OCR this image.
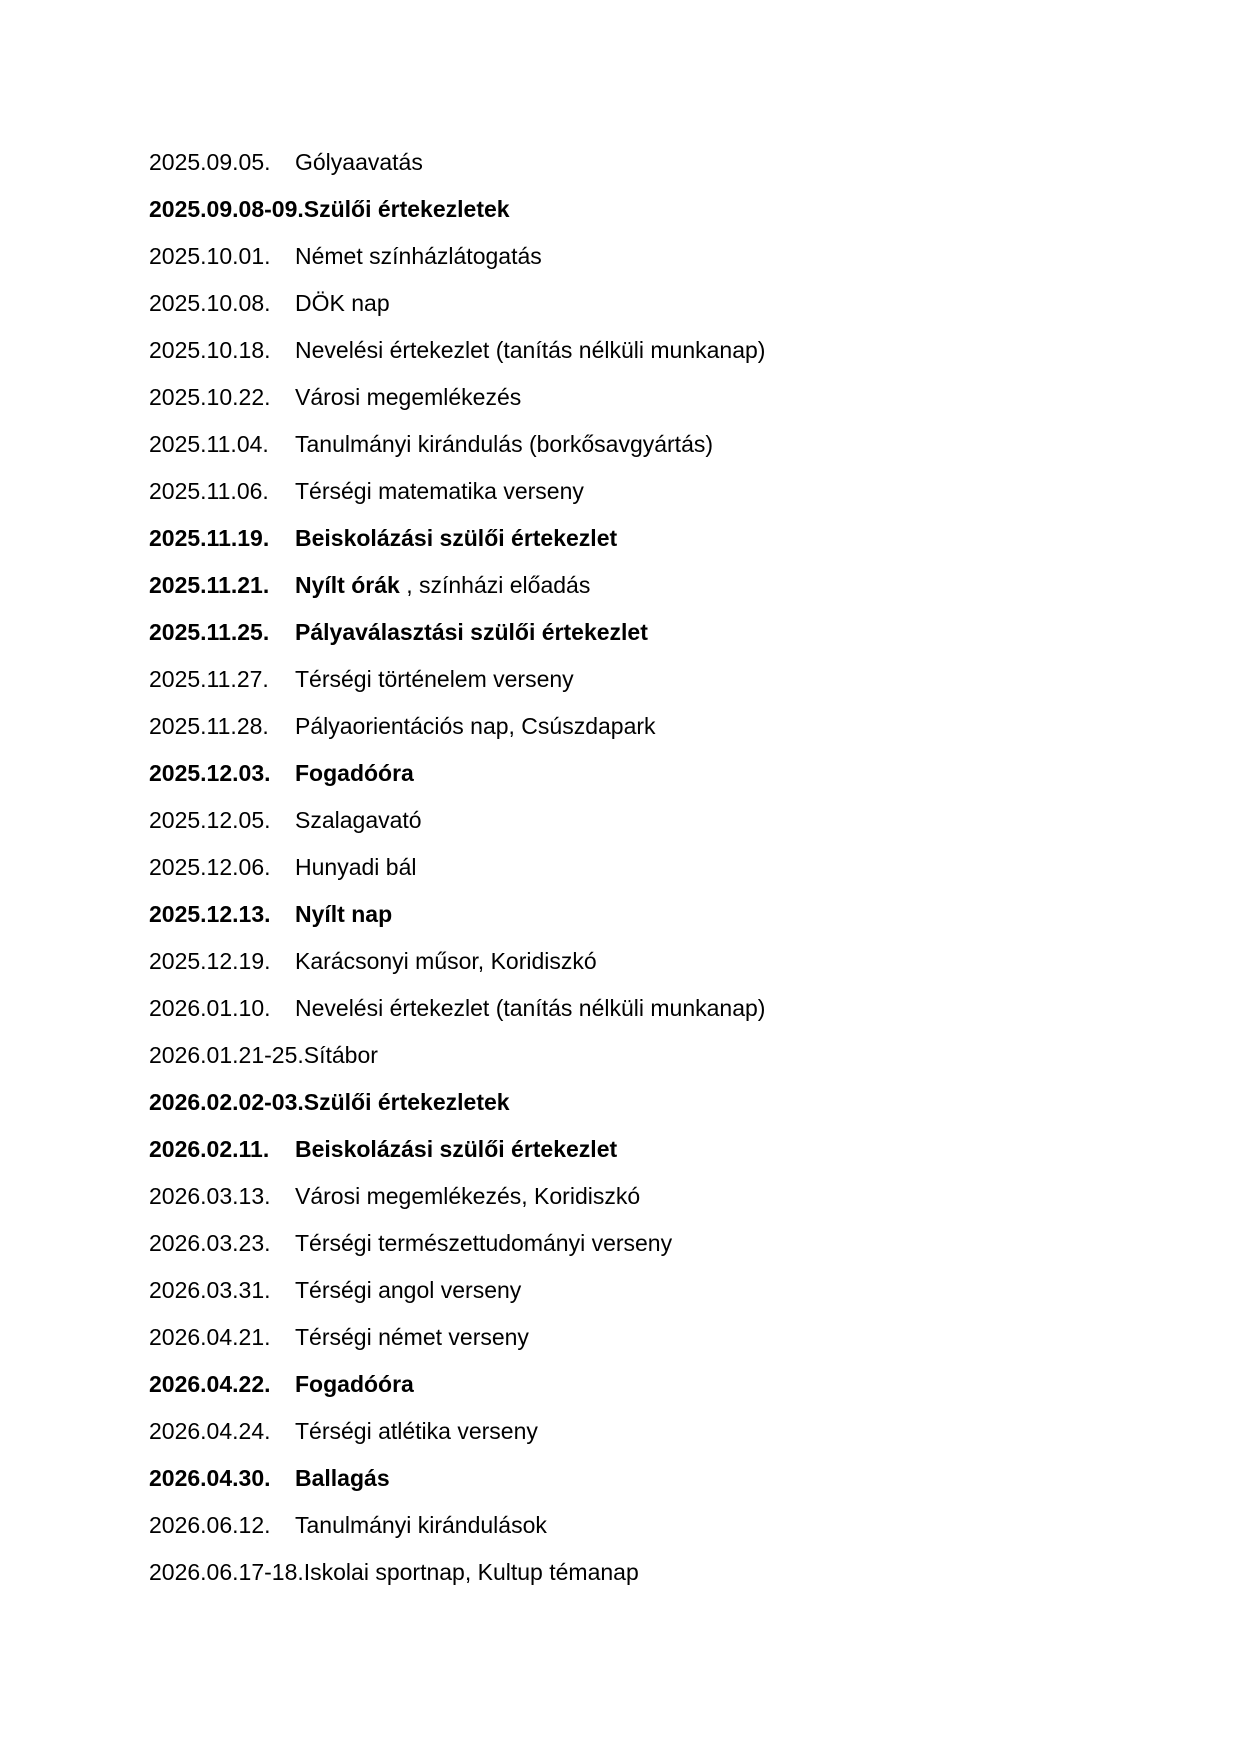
2025.09.05. Gólyaavatás
2025.09.08-09.Szülői értekezletek
2025.10.01. Német színházlátogatás
2025.10.08. DÖK nap
2025.10.18. Nevelési értekezlet (tanítás nélküli munkanap)
2025.10.22. Városi megemlékezés
2025.11.04. Tanulmányi kirándulás (borkősavgyártás)
2025.11.06. Térségi matematika verseny
2025.11.19. Beiskolázási szülői értekezlet
2025.11.21. Nyílt órák , színházi előadás
2025.11.25. Pályaválasztási szülői értekezlet
2025.11.27. Térségi történelem verseny
2025.11.28. Pályaorientációs nap, Csúszdapark
2025.12.03. Fogadóóra
2025.12.05. Szalagavató
2025.12.06. Hunyadi bál
2025.12.13. Nyílt nap
2025.12.19. Karácsonyi műsor, Koridiszkó
2026.01.10. Nevelési értekezlet (tanítás nélküli munkanap)
2026.01.21-25.Sítábor
2026.02.02-03.Szülői értekezletek
2026.02.11. Beiskolázási szülői értekezlet
2026.03.13. Városi megemlékezés, Koridiszkó
2026.03.23. Térségi természettudományi verseny
2026.03.31. Térségi angol verseny
2026.04.21. Térségi német verseny
2026.04.22. Fogadóóra
2026.04.24. Térségi atlétika verseny
2026.04.30. Ballagás
2026.06.12. Tanulmányi kirándulások
2026.06.17-18.Iskolai sportnap, Kultup témanap
